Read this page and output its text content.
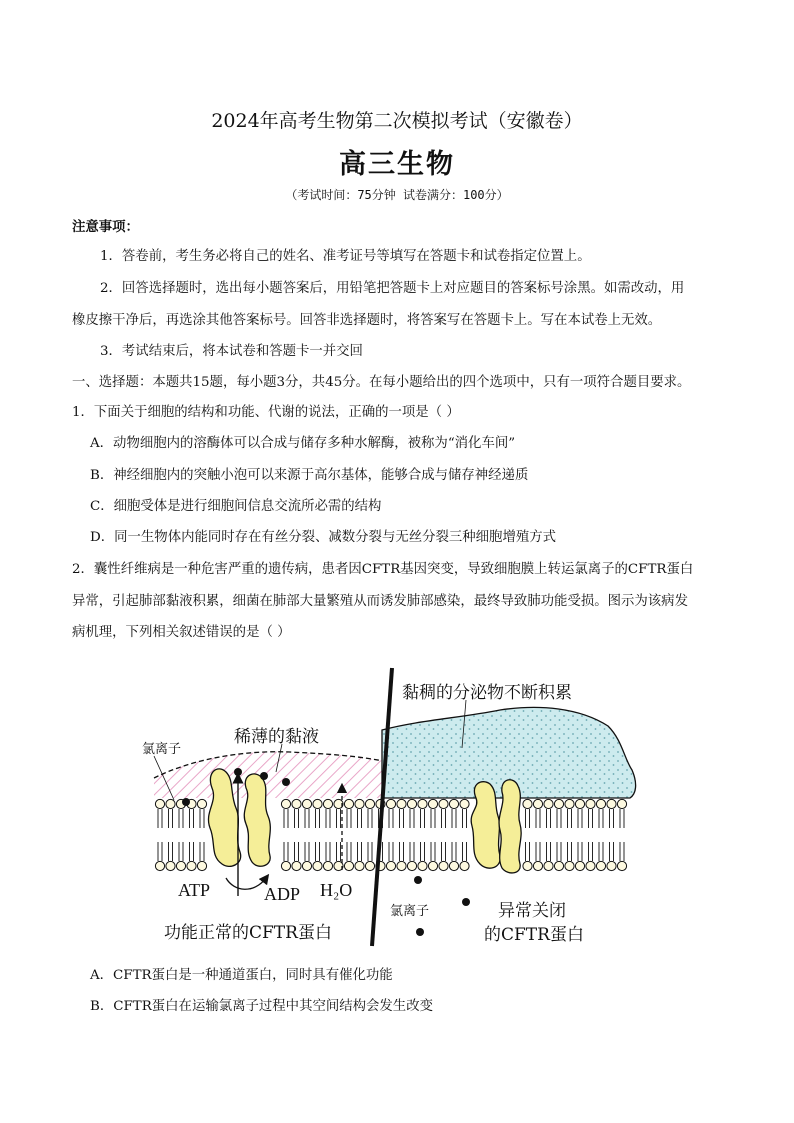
2024年高考生物第二次模拟考试（安徽卷）
高三生物
（考试时间：75分钟 试卷满分：100分）
注意事项：
1．答卷前，考生务必将自己的姓名、准考证号等填写在答题卡和试卷指定位置上。
2．回答选择题时，选出每小题答案后，用铅笔把答题卡上对应题目的答案标号涂黑。如需改动，用
橡皮擦干净后，再选涂其他答案标号。回答非选择题时，将答案写在答题卡上。写在本试卷上无效。
3．考试结束后，将本试卷和答题卡一并交回
一、选择题：本题共15题，每小题3分，共45分。在每小题给出的四个选项中，只有一项符合题目要求。
1．下面关于细胞的结构和功能、代谢的说法，正确的一项是（ ）
A．动物细胞内的溶酶体可以合成与储存多种水解酶，被称为“消化车间”
B．神经细胞内的突触小泡可以来源于高尔基体，能够合成与储存神经递质
C．细胞受体是进行细胞间信息交流所必需的结构
D．同一生物体内能同时存在有丝分裂、减数分裂与无丝分裂三种细胞增殖方式
2．囊性纤维病是一种危害严重的遗传病，患者因CFTR基因突变，导致细胞膜上转运氯离子的CFTR蛋白
异常，引起肺部黏液积累，细菌在肺部大量繁殖从而诱发肺部感染，最终导致肺功能受损。图示为该病发
病机理，下列相关叙述错误的是（ ）
黏稠的分泌物不断积累
稀薄的黏液
氯离子
ATP	ADP H₂O
功能正常的CFTR蛋白
氯离子	异常关闭
的CFTR蛋白
A．CFTR蛋白是一种通道蛋白，同时具有催化功能
B．CFTR蛋白在运输氯离子过程中其空间结构会发生改变
